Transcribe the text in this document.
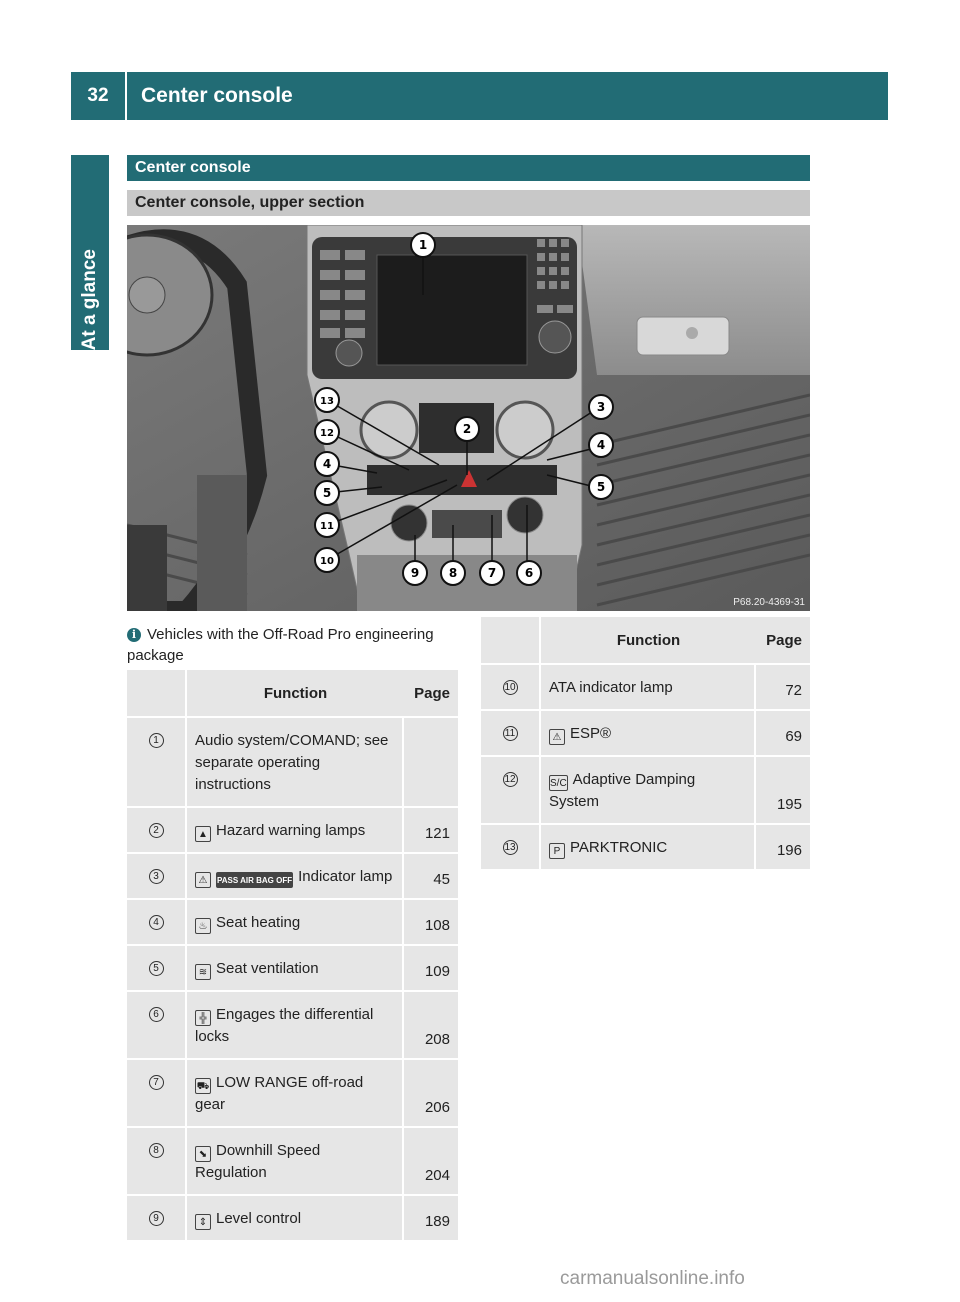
32	Center console
At a glance
Center console
Center console, upper section
1
2
3
4
5
13
12
4
5
11
10
9 8	7 6
P68.20-4369-31
i Vehicles with the Off-Road Pro engineering package
	Function	Page
1	Audio system/COMAND; see separate operating instructions	
2	▲ Hazard warning lamps	121
3	⚠ PASS AIR BAG OFF Indicator lamp	45
4	♨ Seat heating	108
5	≋ Seat ventilation	109
6	╬ Engages the differential locks	208
7	⛟ LOW RANGE off-road gear	206
8	⬊ Downhill Speed Regulation	204
9	⇕ Level control	189
	Function	Page
10	ATA indicator lamp	72
11	⚠ ESP®	69
12	S/C Adaptive Damping System	195
13	P PARKTRONIC	196
carmanualsonline.info
